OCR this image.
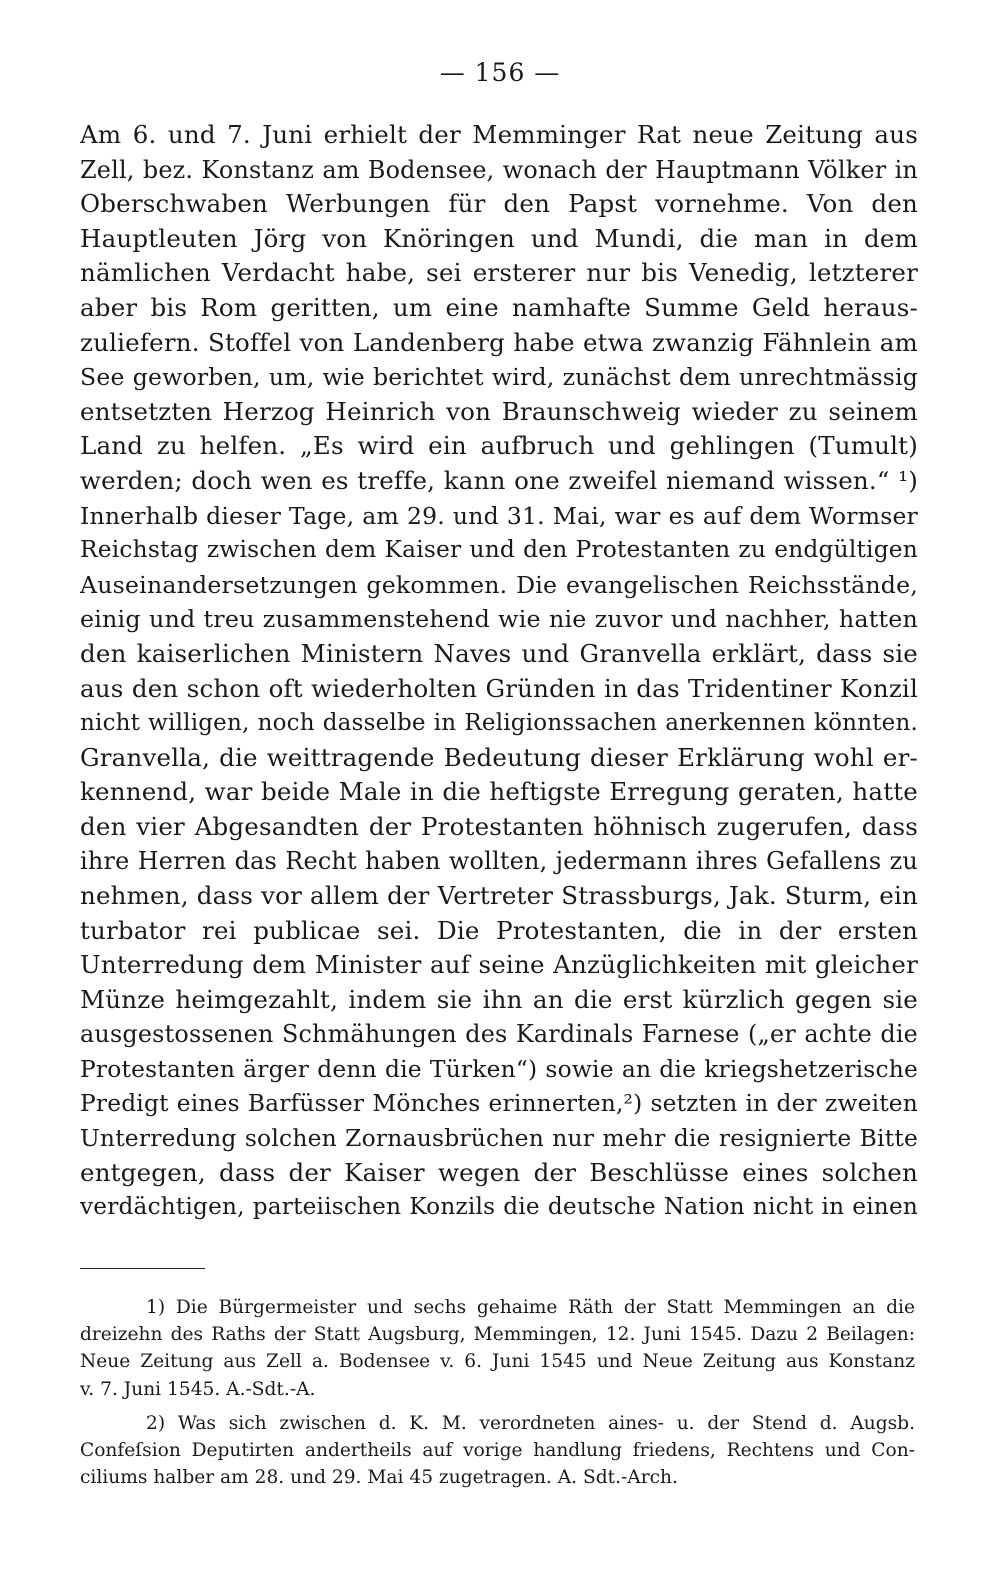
— 156 —
Am 6. und 7. Juni erhielt der Memminger Rat neue Zeitung aus
Zell, bez. Konstanz am Bodensee, wonach der Hauptmann Völker in
Oberschwaben Werbungen für den Papst vornehme. Von den
Hauptleuten Jörg von Knöringen und Mundi, die man in dem
nämlichen Verdacht habe, sei ersterer nur bis Venedig, letzterer
aber bis Rom geritten, um eine namhafte Summe Geld heraus-
zuliefern. Stoffel von Landenberg habe etwa zwanzig Fähnlein am
See geworben, um, wie berichtet wird, zunächst dem unrechtmässig
entsetzten Herzog Heinrich von Braunschweig wieder zu seinem
Land zu helfen. „Es wird ein aufbruch und gehlingen (Tumult)
werden; doch wen es treffe, kann one zweifel niemand wissen.“ ¹)
Innerhalb dieser Tage, am 29. und 31. Mai, war es auf dem Wormser
Reichstag zwischen dem Kaiser und den Protestanten zu endgültigen
Auseinandersetzungen gekommen. Die evangelischen Reichsstände,
einig und treu zusammenstehend wie nie zuvor und nachher, hatten
den kaiserlichen Ministern Naves und Granvella erklärt, dass sie
aus den schon oft wiederholten Gründen in das Tridentiner Konzil
nicht willigen, noch dasselbe in Religionssachen anerkennen könnten.
Granvella, die weittragende Bedeutung dieser Erklärung wohl er-
kennend, war beide Male in die heftigste Erregung geraten, hatte
den vier Abgesandten der Protestanten höhnisch zugerufen, dass
ihre Herren das Recht haben wollten, jedermann ihres Gefallens zu
nehmen, dass vor allem der Vertreter Strassburgs, Jak. Sturm, ein
turbator rei publicae sei. Die Protestanten, die in der ersten
Unterredung dem Minister auf seine Anzüglichkeiten mit gleicher
Münze heimgezahlt, indem sie ihn an die erst kürzlich gegen sie
ausgestossenen Schmähungen des Kardinals Farnese („er achte die
Protestanten ärger denn die Türken“) sowie an die kriegshetzerische
Predigt eines Barfüsser Mönches erinnerten,²) setzten in der zweiten
Unterredung solchen Zornausbrüchen nur mehr die resignierte Bitte
entgegen, dass der Kaiser wegen der Beschlüsse eines solchen
verdächtigen, parteiischen Konzils die deutsche Nation nicht in einen
1) Die Bürgermeister und sechs gehaime Räth der Statt Memmingen an die
dreizehn des Raths der Statt Augsburg, Memmingen, 12. Juni 1545. Dazu 2 Beilagen:
Neue Zeitung aus Zell a. Bodensee v. 6. Juni 1545 und Neue Zeitung aus Konstanz
v. 7. Juni 1545. A.-Sdt.-A.
2) Was sich zwischen d. K. M. verordneten aines- u. der Stend d. Augsb.
Confeſsion Deputirten andertheils auf vorige handlung friedens, Rechtens und Con-
ciliums halber am 28. und 29. Mai 45 zugetragen. A. Sdt.-Arch.
